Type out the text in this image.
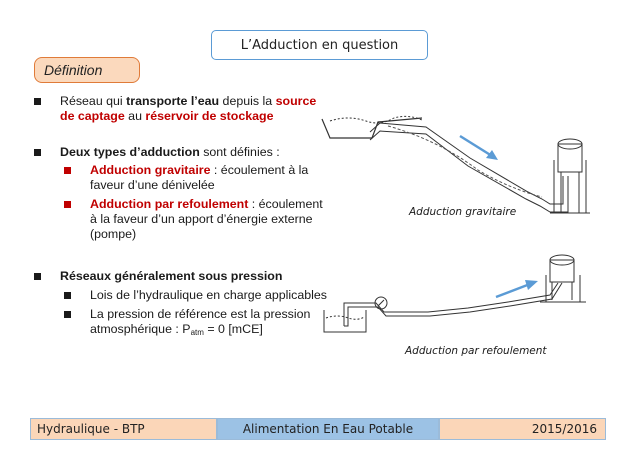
L’Adduction en question
Définition
Réseau qui transporte l’eau depuis la source de captage au réservoir de stockage
Deux types d’adduction sont définies :
Adduction gravitaire : écoulement à la faveur d’une dénivelée
Adduction par refoulement : écoulement à la faveur d’un apport d’énergie externe (pompe)
Réseaux généralement sous pression
Lois de l’hydraulique en charge applicables
La pression de référence est la pression atmosphérique : $P_{atm} = 0$ [mCE]
Adduction gravitaire
Adduction par refoulement
Hydraulique - BTP	Alimentation En Eau Potable	2015/2016
